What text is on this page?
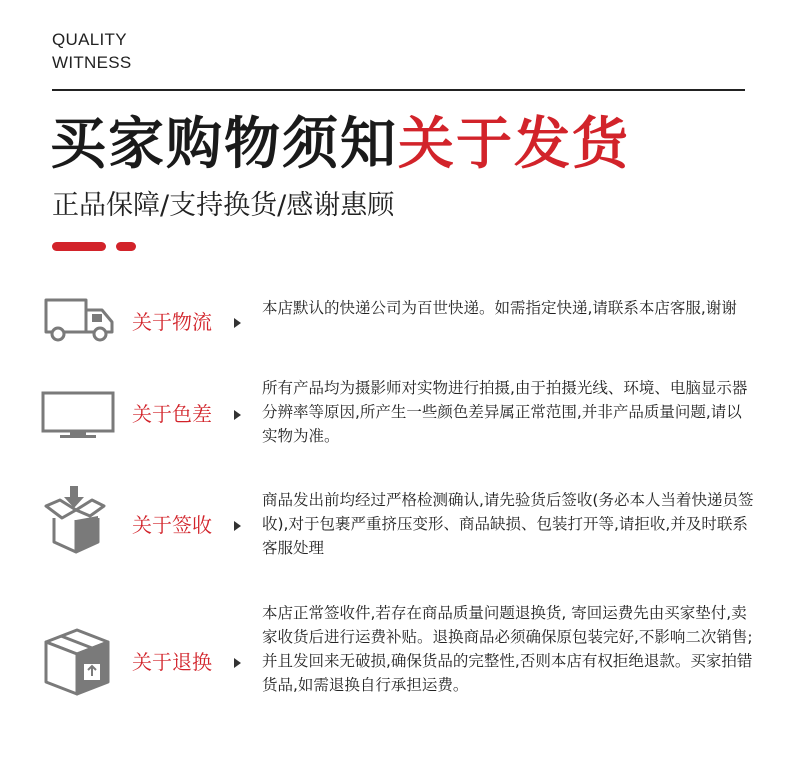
QUALITY
WITNESS
买家购物须知关于发货
正品保障/支持换货/感谢惠顾
关于物流
本店默认的快递公司为百世快递。如需指定快递,请联系本店客服,谢谢
关于色差
所有产品均为摄影师对实物进行拍摄,由于拍摄光线、环境、电脑显示器分辨率等原因,所产生一些颜色差异属正常范围,并非产品质量问题,请以实物为准。
关于签收
商品发出前均经过严格检测确认,请先验货后签收(务必本人当着快递员签收),对于包裹严重挤压变形、商品缺损、包装打开等,请拒收,并及时联系客服处理
关于退换
本店正常签收件,若存在商品质量问题退换货, 寄回运费先由买家垫付,卖家收货后进行运费补贴。退换商品必须确保原包装完好,不影响二次销售; 并且发回来无破损,确保货品的完整性,否则本店有权拒绝退款。买家拍错货品,如需退换自行承担运费。
